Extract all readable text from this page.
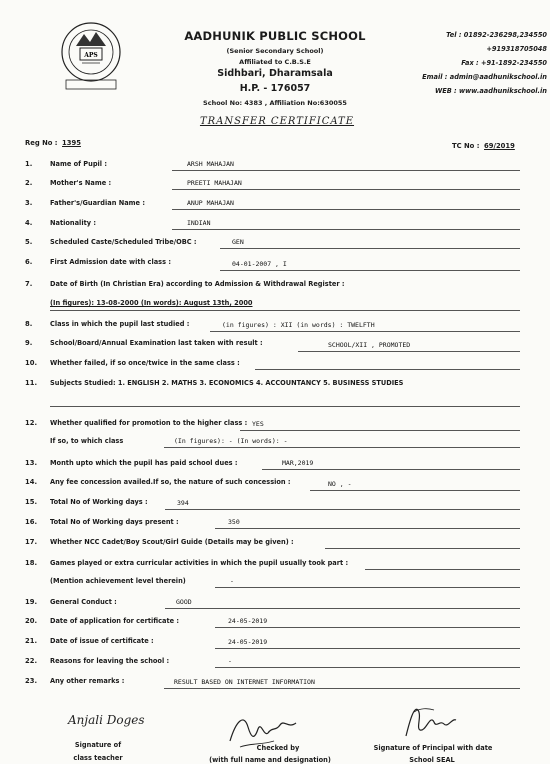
APS
AADHUNIK PUBLIC SCHOOL
(Senior Secondary School)
Affiliated to C.B.S.E
Sidhbari, Dharamsala
H.P. - 176057
School No: 4383 , Affiliation No:630055
Tel : 01892-236298,234550
+919318705048
Fax : +91-1892-234550
Email : admin@aadhunikschool.in
WEB : www.aadhunikschool.in
TRANSFER CERTIFICATE
Reg No : 1395	TC No : 69/2019
1.	Name of Pupil :	ARSH MAHAJAN
2.	Mother's Name :	PREETI MAHAJAN
3.	Father's/Guardian Name :	ANUP MAHAJAN
4.	Nationality :	INDIAN
5.	Scheduled Caste/Scheduled Tribe/OBC :	GEN
6.	First Admission date with class :	04-01-2007 , I
7.	Date of Birth (In Christian Era) according to Admission & Withdrawal Register :
(In figures): 13-08-2000 (In words): August 13th, 2000
8.	Class in which the pupil last studied :	(in figures) : XII (in words) : TWELFTH
9.	School/Board/Annual Examination last taken with result :	SCHOOL/XII , PROMOTED
10. Whether failed, if so once/twice in the same class :
11. Subjects Studied: 1. ENGLISH 2. MATHS 3. ECONOMICS 4. ACCOUNTANCY 5. BUSINESS STUDIES
12. Whether qualified for promotion to the higher class : YES
If so, to which class	(In figures): - (In words): -
13. Month upto which the pupil has paid school dues :	MAR,2019
14. Any fee concession availed.If so, the nature of such concession :	NO , -
15. Total No of Working days :	394
16. Total No of Working days present :	350
17. Whether NCC Cadet/Boy Scout/Girl Guide (Details may be given) :
18. Games played or extra curricular activities in which the pupil usually took part :
(Mention achievement level therein)	-
19. General Conduct :	GOOD
20. Date of application for certificate :	24-05-2019
21. Date of issue of certificate :	24-05-2019
22. Reasons for leaving the school :	-
23. Any other remarks :	RESULT BASED ON INTERNET INFORMATION
Anjali Doges
Signature of
class teacher
Checked by
(with full name and designation)
Signature of Principal with date
School SEAL
